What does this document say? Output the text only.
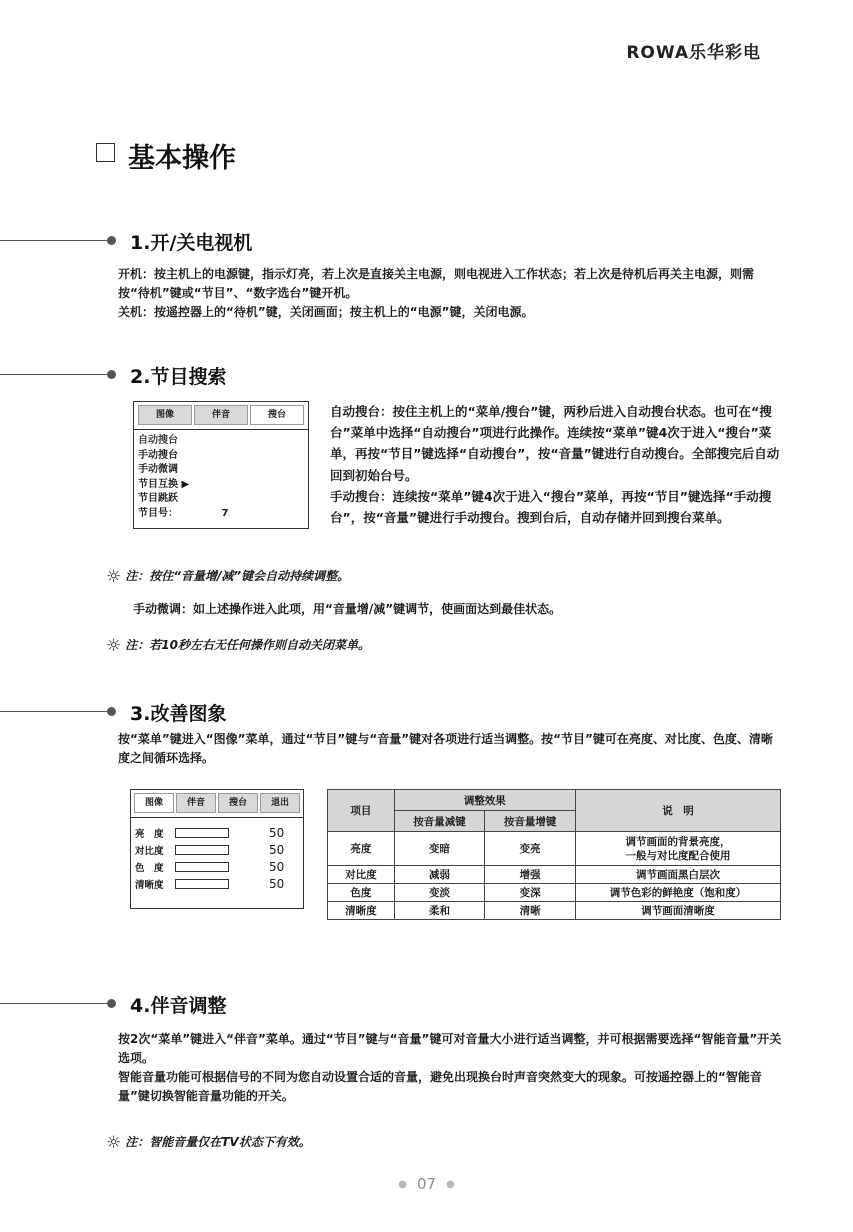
ROWA乐华彩电
基本操作
1.开/关电视机

开机：按主机上的电源键，指示灯亮，若上次是直接关主电源，则电视进入工作状态；若上次是待机后再关主电源，则需按“待机”键或“节目”、“数字选台”键开机。

关机：按遥控器上的“待机”键，关闭画面；按主机上的“电源”键，关闭电源。

2.节目搜索
图像	伴音	搜台
自动搜台
手动搜台
手动微调
节目互换 ▶
节目跳跃
节目号：	7
自动搜台：按住主机上的“菜单/搜台”键，两秒后进入自动搜台状态。也可在“搜台”菜单中选择“自动搜台”项进行此操作。连续按“菜单”键4次于进入“搜台”菜单，再按“节目”键选择“自动搜台”，按“音量”键进行自动搜台。全部搜完后自动回到初始台号。
手动搜台：连续按“菜单”键4次于进入“搜台”菜单，再按“节目”键选择“手动搜台”，按“音量”键进行手动搜台。搜到台后，自动存储并回到搜台菜单。
☼ 注：按住“音量增/减”键会自动持续调整。
手动微调：如上述操作进入此项，用“音量增/减”键调节，使画面达到最佳状态。
☼ 注：若10秒左右无任何操作则自动关闭菜单。
3.改善图象
按“菜单”键进入“图像”菜单，通过“节目”键与“音量”键对各项进行适当调整。按“节目”键可在亮度、对比度、色度、清晰度之间循环选择。
图像	伴音	搜台	退出
亮　度	50
对比度	50
色　度	50
清晰度	50
项目	调整效果		说　明
	按音量减键	按音量增键	
亮度	变暗	变亮	调节画面的背景亮度，
一般与对比度配合使用

对比度	减弱	增强	调节画面黑白层次
色度	变淡	变深	调节色彩的鲜艳度（饱和度）
清晰度	柔和	清晰	调节画面清晰度
4.伴音调整

按2次“菜单”键进入“伴音”菜单。通过“节目”键与“音量”键可对音量大小进行适当调整，并可根据需要选择“智能音量”开关选项。

智能音量功能可根据信号的不同为您自动设置合适的音量，避免出现换台时声音突然变大的现象。可按遥控器上的“智能音量”键切换智能音量功能的开关。

☼ 注：智能音量仅在TV状态下有效。
● 07 ●
